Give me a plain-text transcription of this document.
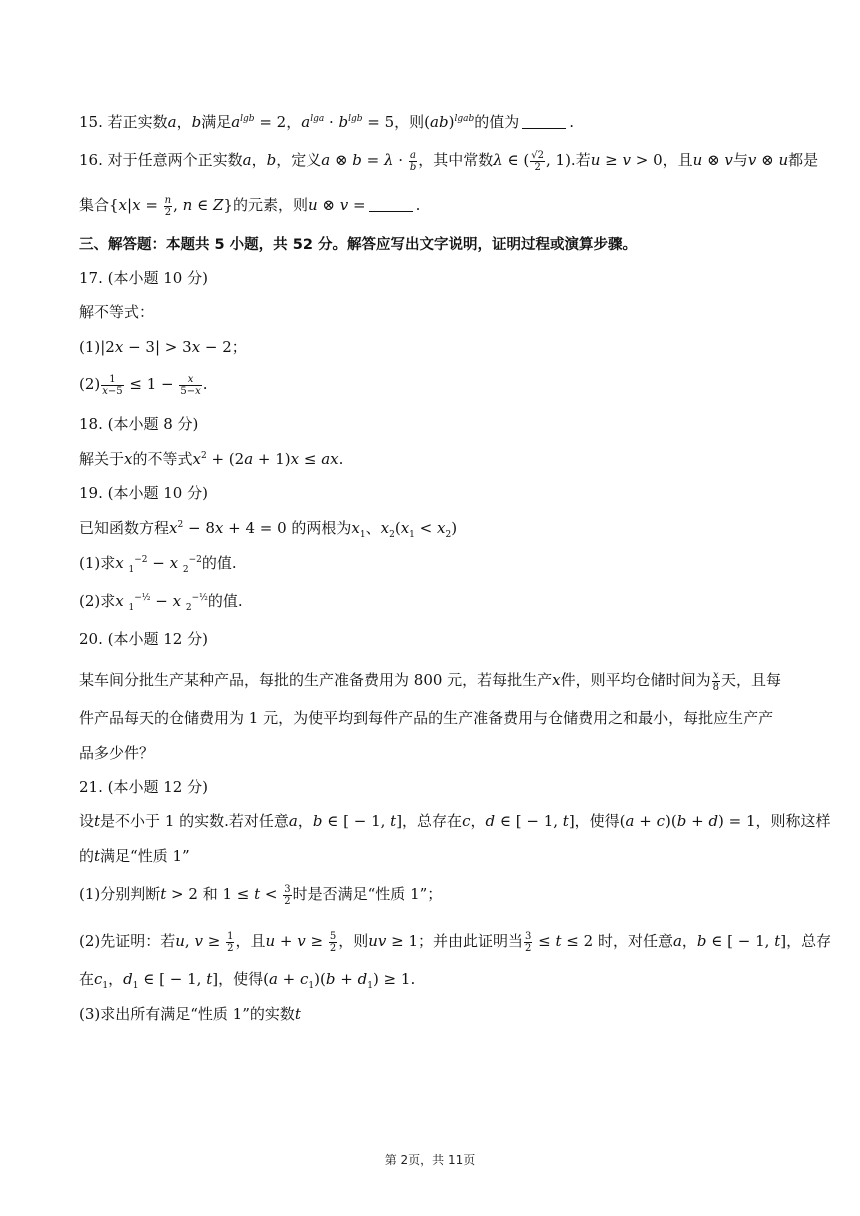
15. 若正实数a，b满足$a^{lgb} = 2$，$a^{lga} \cdot b^{lgb} = 5$，则(ab)$^{lgab}$的值为	.
16. 对于任意两个正实数a，b，定义a ⊗ $b = \lambda \cdot \frac{a}{b}$ ，其中常数λ ∈ ( $\frac{√2}{2}$ , 1).若u ≥ v > 0，且u ⊗ v与v ⊗ u都是
集合{$x|x = \frac{n}{2}$ , n ∈ Z}的元素，则u ⊗ v =	.
三、解答题：本题共 5 小题，共 52 分。解答应写出文字说明，证明过程或演算步骤。
17. (本小题 10 分)
解不等式：
(1)|2x − 3| > 3x − 2；
$(2) \frac{1}{x-5} \le 1 - \frac{x}{5-x}$ .
18. (本小题 8 分)
解关于x的不等式$x^2 + (2a + 1)x$ ≤ ax.
19. (本小题 10 分)
已知函数方程$x^2 - 8x + 4 = 0$ 的两根为$x_1$、$x_2(x_1 < x_2)$
(1)求x $_1^{-2}$ − x $_2^{-2}$的值.
(2)求x $_1^{-\frac{1}{2}}$ − x $_2^{-\frac{1}{2}}$的值.
20. (本小题 12 分)
某车间分批生产某种产品，每批的生产准备费用为 800 元，若每批生产x件，则平均仓储时间为 $\frac{x}{8}$ 天，且每
件产品每天的仓储费用为 1 元，为使平均到每件产品的生产准备费用与仓储费用之和最小，每批应生产产
品多少件？
21. (本小题 12 分)
设t是不小于 1 的实数.若对任意a，b ∈ [ − 1, t]，总存在c，d ∈ [ − 1, t]，使得(a + c)(b + d) = 1，则称这样
的t满足“性质 1”
(1)分别判断t > 2 和 $1 \le t < \frac{3}{2}$ 时是否满足“性质 1”；
(2)先证明：若u, $v \ge \frac{1}{2}$ ，且$u + v \ge \frac{5}{2}$ ，则uv ≥ 1；并由此证明当 $\frac{3}{2} \le t \le 2$ 时，对任意a，b ∈ [ − 1, t]，总存
在$c_1$，$d_1$ ∈ [ − 1, t]，使得$(a + c_1)(b + d_1) \ge 1$.
(3)求出所有满足“性质 1”的实数t
第 2页，共 11页
